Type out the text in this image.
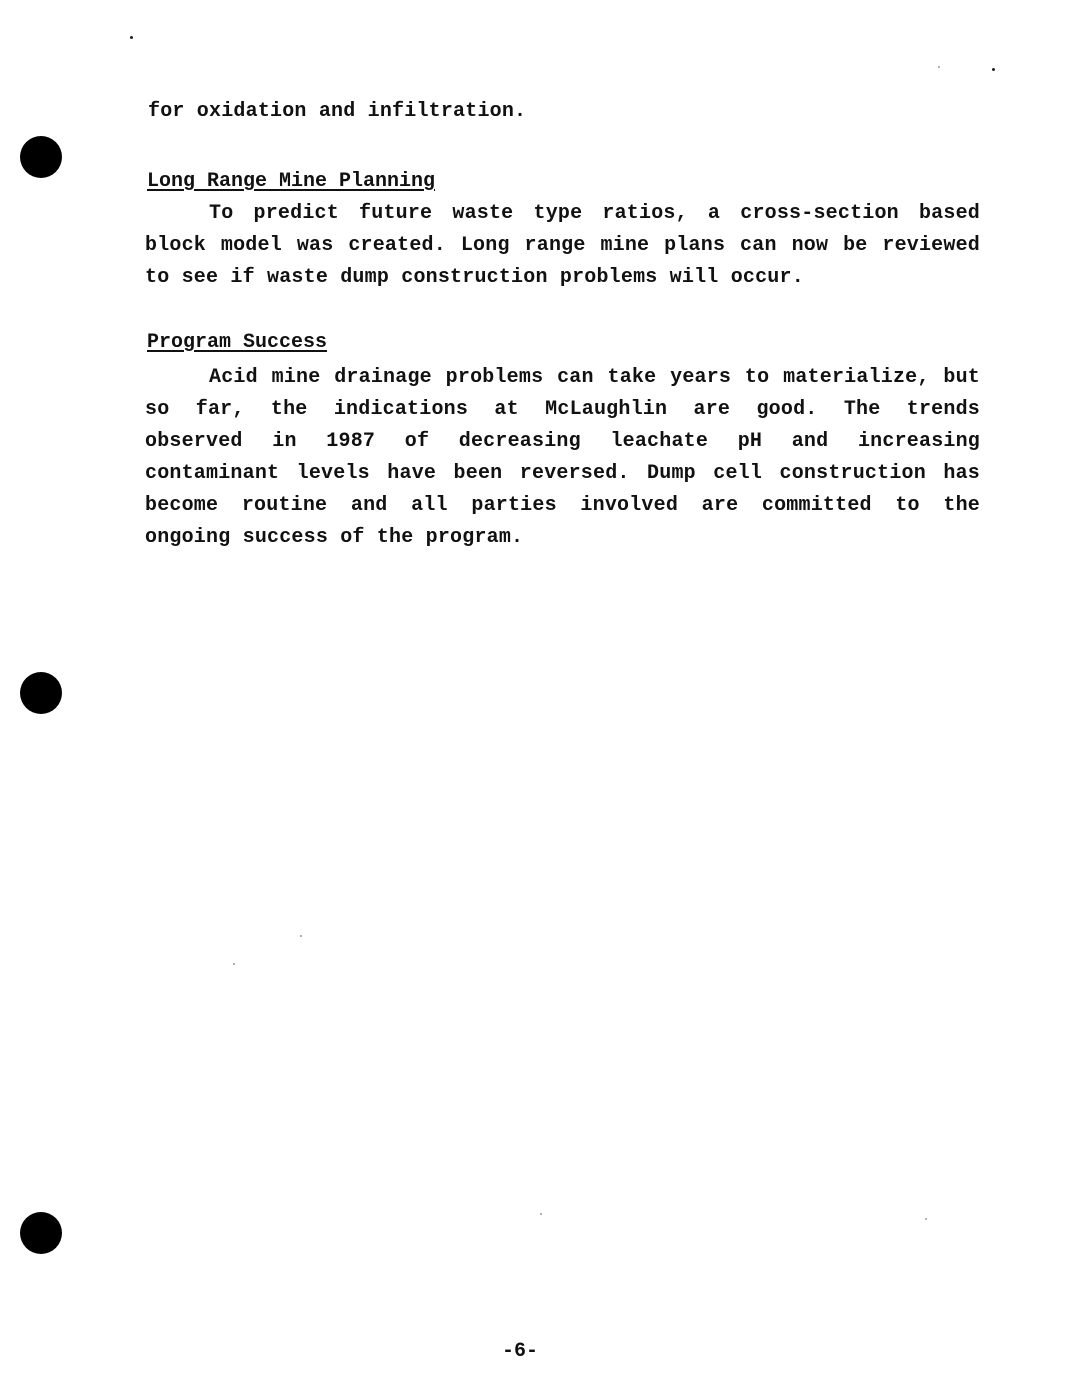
for oxidation and infiltration.
Long Range Mine Planning
To predict future waste type ratios, a cross-section based
block model was created. Long range mine plans can now be reviewed
to see if waste dump construction problems will occur.
Program Success
Acid mine drainage problems can take years to materialize, but
so far, the indications at McLaughlin are good. The trends
observed in 1987 of decreasing leachate pH and increasing
contaminant levels have been reversed. Dump cell construction has
become routine and all parties involved are committed to the
ongoing success of the program.
-6-
